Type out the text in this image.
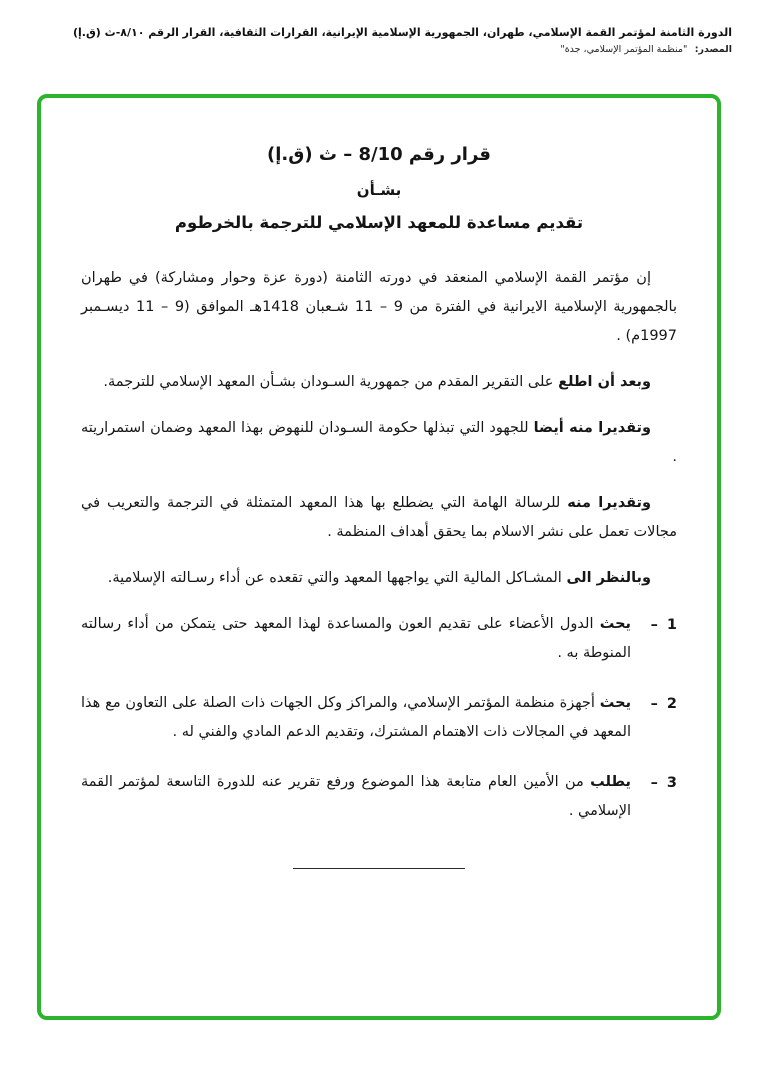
الدورة الثامنة لمؤتمر القمة الإسلامي، طهران، الجمهورية الإسلامية الإيرانية، القرارات الثقافية، القرار الرقم ٨/١٠-ث (ق.إ)
المصدر: "منظمة المؤتمر الإسلامي، جدة"
قرار رقم 8/10 – ث (ق.إ)
بشـأن
تقديم مساعدة للمعهد الإسلامي للترجمة بالخرطوم

إن مؤتمر القمة الإسلامي المنعقد في دورته الثامنة (دورة عزة وحوار ومشاركة) في طهران بالجمهورية الإسلامية الايرانية في الفترة من 9 – 11 شـعبان 1418هـ الموافق (9 – 11 ديسـمبر 1997م) .

وبعد أن اطلع على التقرير المقدم من جمهورية السـودان بشـأن المعهد الإسلامي للترجمة.

وتقديرا منه أيضا للجهود التي تبذلها حكومة السـودان للنهوض بهذا المعهد وضمان استمراريته .

وتقديرا منه للرسالة الهامة التي يضطلع بها هذا المعهد المتمثلة في الترجمة والتعريب في مجالات تعمل على نشر الاسلام بما يحقق أهداف المنظمة .

وبالنظر الى المشـاكل المالية التي يواجهها المعهد والتي تقعده عن أداء رسـالته الإسلامية.

1 –
يحث الدول الأعضاء على تقديم العون والمساعدة لهذا المعهد حتى يتمكن من أداء رسالته المنوطة به .
2 –
يحث أجهزة منظمة المؤتمر الإسلامي، والمراكز وكل الجهات ذات الصلة على التعاون مع هذا المعهد في المجالات ذات الاهتمام المشترك، وتقديم الدعم المادي والفني له .
3 –
يطلب من الأمين العام متابعة هذا الموضوع ورفع تقرير عنه للدورة التاسعة لمؤتمر القمة الإسلامي .
